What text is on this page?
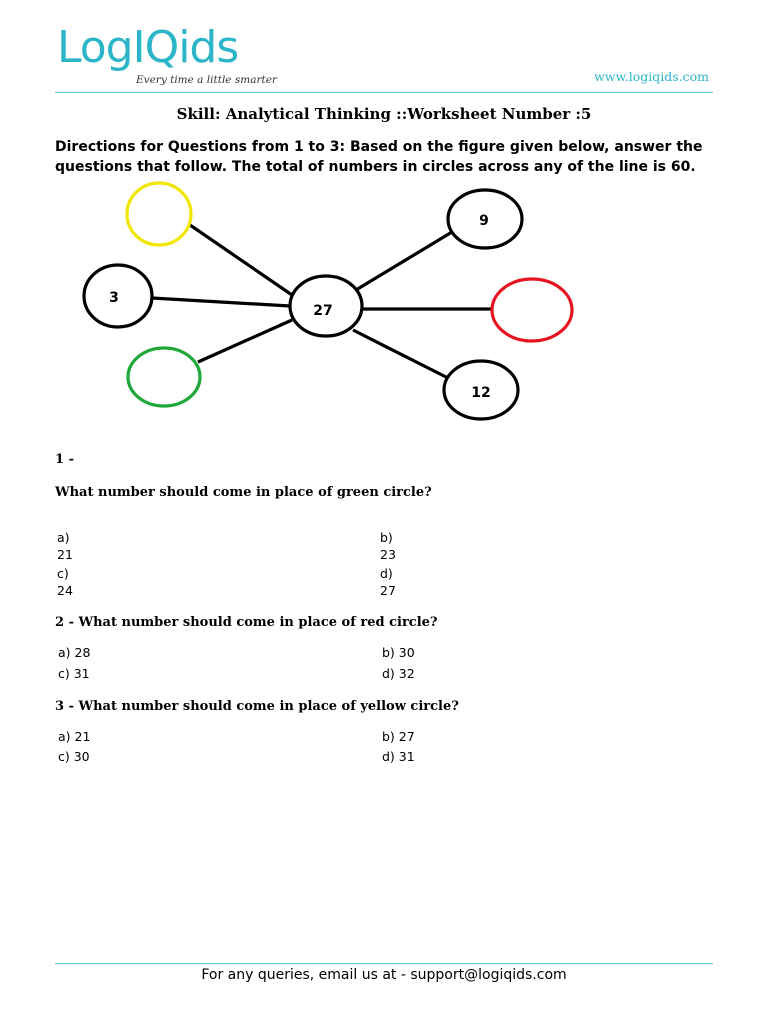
LogIQids
Every time a little smarter	www.logiqids.com
Skill: Analytical Thinking ::Worksheet Number :5
Directions for Questions from 1 to 3: Based on the figure given below, answer the questions that follow. The total of numbers in circles across any of the line is 60.
3
27
9
12
1 -
What number should come in place of green circle?
a)
21
b)
23
c)
24
d)
27
2 - What number should come in place of red circle?
a) 28	b) 30
c) 31	d) 32
3 - What number should come in place of yellow circle?
a) 21	b) 27
c) 30	d) 31
For any queries, email us at - support@logiqids.com
